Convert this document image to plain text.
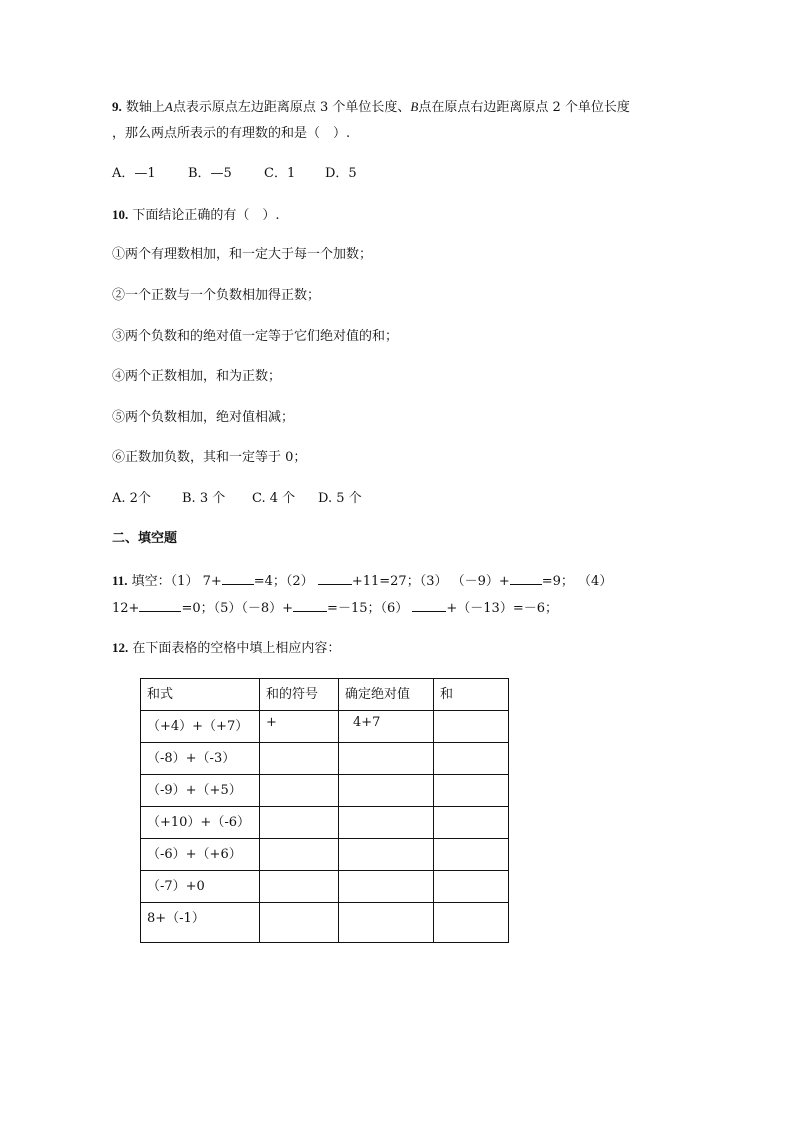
9. 数轴上A点表示原点左边距离原点 3 个单位长度、B点在原点右边距离原点 2 个单位长度
，那么两点所表示的有理数的和是（　）.
A．—1 B．—5 C．1 D．5
10. 下面结论正确的有（　）.
①两个有理数相加，和一定大于每一个加数；
②一个正数与一个负数相加得正数；
③两个负数和的绝对值一定等于它们绝对值的和；
④两个正数相加，和为正数；
⑤两个负数相加，绝对值相减；
⑥正数加负数，其和一定等于 0；
A. 2个 B. 3 个 C. 4 个 D. 5 个
二、填空题
11. 填空：（1） 7+ =4；（2）	+11=27；（3） （－9）+ =9； （4）
12+	=0；（5）（－8）+	=－15；（6）	+（－13）=－6；
12. 在下面表格的空格中填上相应内容：
和式	和的符号	确定绝对值	和
（+4）+（+7）	+	4+7	
（-8）+（-3）			
（-9）+（+5）			
（+10）+（-6）			
（-6）+（+6）			
（-7）+0			
8+（-1）			
